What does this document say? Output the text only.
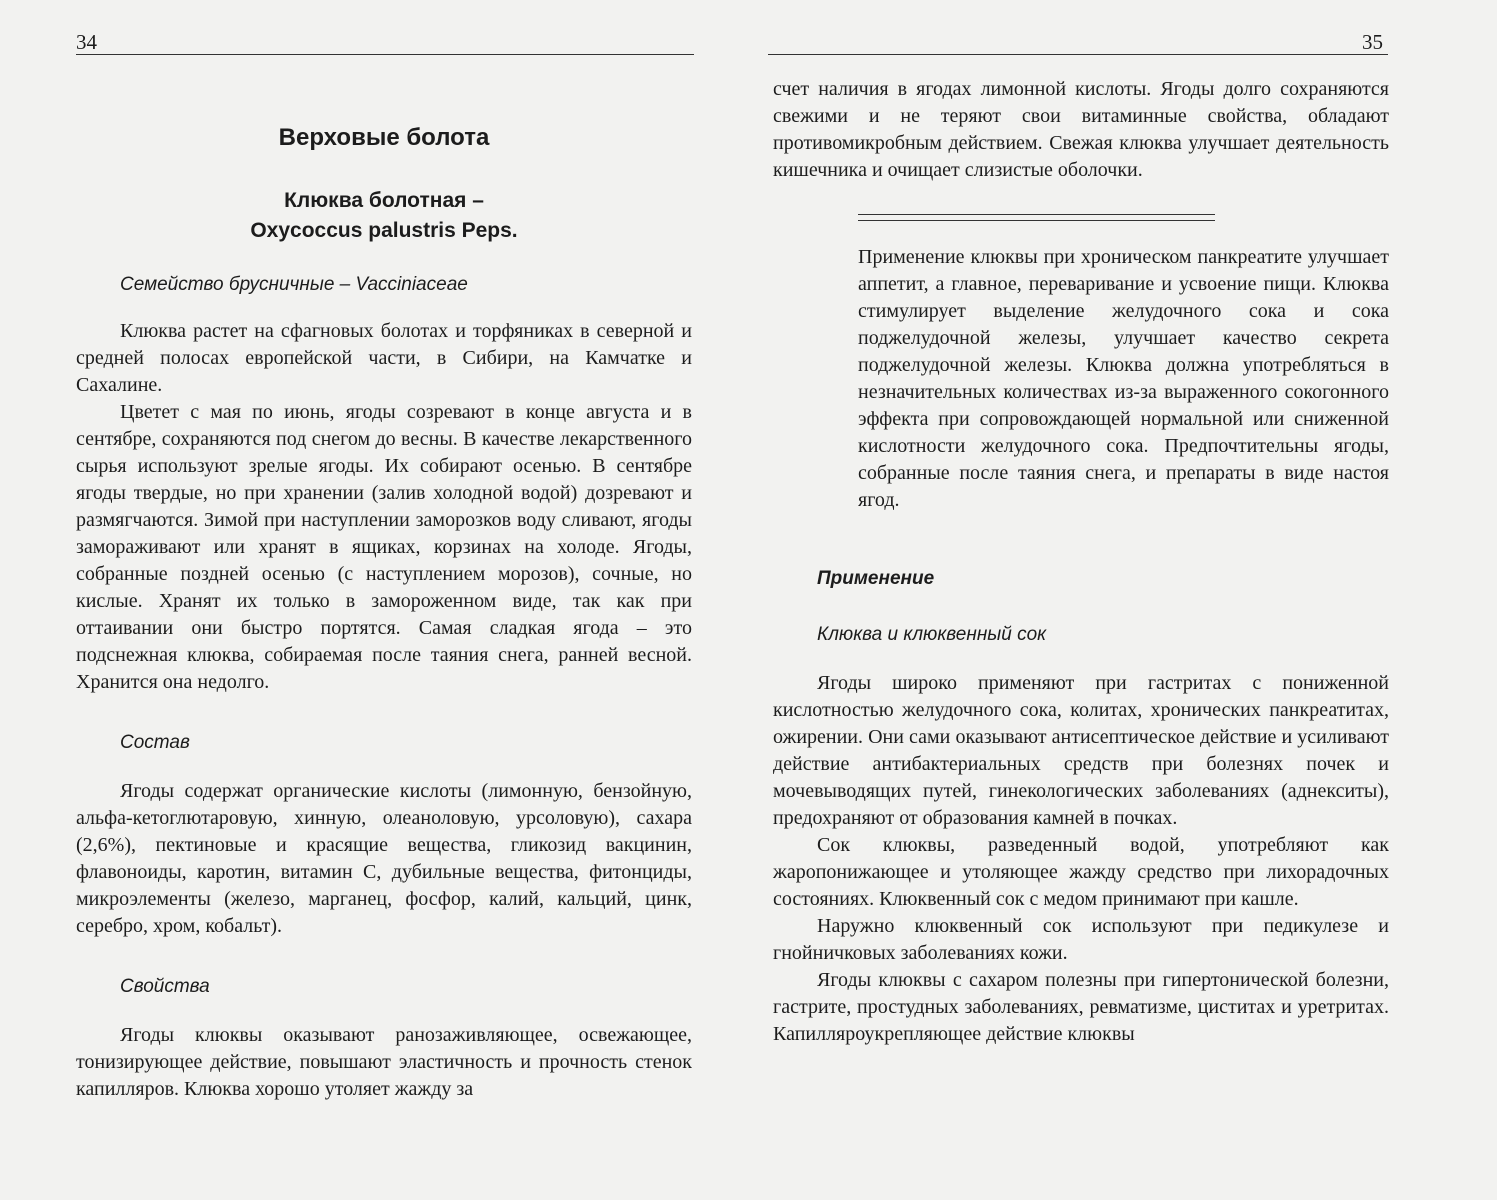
34
Верховые болота
Клюква болотная –
Oxycoccus palustris Peps.
Семейство брусничные – Vacciniaceae

Клюква растет на сфагновых болотах и торфяниках в северной и средней полосах европейской части, в Сибири, на Камчатке и Сахалине.

Цветет с мая по июнь, ягоды созревают в конце августа и в сентябре, сохраняются под снегом до весны. В качестве лекарственного сырья используют зрелые ягоды. Их собирают осенью. В сентябре ягоды твердые, но при хранении (залив холодной водой) дозревают и размягчаются. Зимой при наступлении заморозков воду сливают, ягоды замораживают или хранят в ящиках, корзинах на холоде. Ягоды, собранные поздней осенью (с наступлением морозов), сочные, но кислые. Хранят их только в замороженном виде, так как при оттаивании они быстро портятся. Самая сладкая ягода – это подснежная клюква, собираемая после таяния снега, ранней весной. Хранится она недолго.

Состав

Ягоды содержат органические кислоты (лимонную, бензойную, альфа-кетоглютаровую, хинную, олеаноловую, урсоловую), сахара (2,6%), пектиновые и красящие вещества, гликозид вакцинин, флавоноиды, каротин, витамин С, дубильные вещества, фитонциды, микроэлементы (железо, марганец, фосфор, калий, кальций, цинк, серебро, хром, кобальт).

Свойства

Ягоды клюквы оказывают ранозаживляющее, освежающее, тонизирующее действие, повышают эластичность и прочность стенок капилляров. Клюква хорошо утоляет жажду за

35

счет наличия в ягодах лимонной кислоты. Ягоды долго сохраняются свежими и не теряют свои витаминные свойства, обладают противомикробным действием. Свежая клюква улучшает деятельность кишечника и очищает слизистые оболочки.

Применение клюквы при хроническом панкреатите улучшает аппетит, а главное, переваривание и усвоение пищи. Клюква стимулирует выделение желудочного сока и сока поджелудочной железы, улучшает качество секрета поджелудочной железы. Клюква должна употребляться в незначительных количествах из-за выраженного сокогонного эффекта при сопровождающей нормальной или сниженной кислотности желудочного сока. Предпочтительны ягоды, собранные после таяния снега, и препараты в виде настоя ягод.

Применение
Клюква и клюквенный сок

Ягоды широко применяют при гастритах с пониженной кислотностью желудочного сока, колитах, хронических панкреатитах, ожирении. Они сами оказывают антисептическое действие и усиливают действие антибактериальных средств при болезнях почек и мочевыводящих путей, гинекологических заболеваниях (аднекситы), предохраняют от образования камней в почках.

Сок клюквы, разведенный водой, употребляют как жаропонижающее и утоляющее жажду средство при лихорадочных состояниях. Клюквенный сок с медом принимают при кашле.

Наружно клюквенный сок используют при педикулезе и гнойничковых заболеваниях кожи.

Ягоды клюквы с сахаром полезны при гипертонической болезни, гастрите, простудных заболеваниях, ревматизме, циститах и уретритах. Капилляроукрепляющее действие клюквы
